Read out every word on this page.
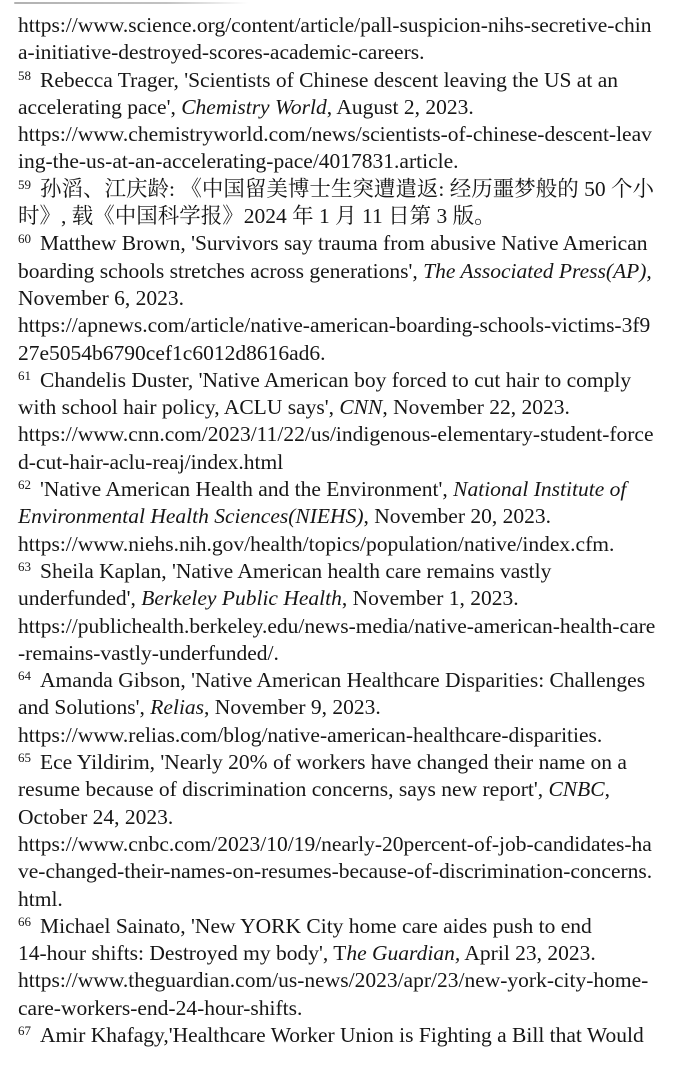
https://www.science.org/content/article/pall-suspicion-nihs-secretive-chin
a-initiative-destroyed-scores-academic-careers.
$^{58}$ Rebecca Trager, 'Scientists of Chinese descent leaving the US at an
accelerating pace', Chemistry World, August 2, 2023.
https://www.chemistryworld.com/news/scientists-of-chinese-descent-leav
ing-the-us-at-an-accelerating-pace/4017831.article.
$^{59}$ 孙滔、江庆龄: 《中国留美博士生突遭遣返: 经历噩梦般的 50 个小
时》, 载《中国科学报》2024 年 1 月 11 日第 3 版。
$^{60}$ Matthew Brown, 'Survivors say trauma from abusive Native American
boarding schools stretches across generations', The Associated Press(AP),
November 6, 2023.
https://apnews.com/article/native-american-boarding-schools-victims-3f9
27e5054b6790cef1c6012d8616ad6.
$^{61}$ Chandelis Duster, 'Native American boy forced to cut hair to comply
with school hair policy, ACLU says', CNN, November 22, 2023.
https://www.cnn.com/2023/11/22/us/indigenous-elementary-student-force
d-cut-hair-aclu-reaj/index.html
$^{62}$ 'Native American Health and the Environment', National Institute of
Environmental Health Sciences(NIEHS), November 20, 2023.
https://www.niehs.nih.gov/health/topics/population/native/index.cfm.
$^{63}$ Sheila Kaplan, 'Native American health care remains vastly
underfunded', Berkeley Public Health, November 1, 2023.
https://publichealth.berkeley.edu/news-media/native-american-health-care
-remains-vastly-underfunded/.
$^{64}$ Amanda Gibson, 'Native American Healthcare Disparities: Challenges
and Solutions', Relias, November 9, 2023.
https://www.relias.com/blog/native-american-healthcare-disparities.
$^{65}$ Ece Yildirim, 'Nearly 20% of workers have changed their name on a
resume because of discrimination concerns, says new report', CNBC,
October 24, 2023.
https://www.cnbc.com/2023/10/19/nearly-20percent-of-job-candidates-ha
ve-changed-their-names-on-resumes-because-of-discrimination-concerns.
html.
$^{66}$ Michael Sainato, 'New YORK City home care aides push to end
14-hour shifts: Destroyed my body', The Guardian, April 23, 2023.
https://www.theguardian.com/us-news/2023/apr/23/new-york-city-home-
care-workers-end-24-hour-shifts.
$^{67}$ Amir Khafagy,'Healthcare Worker Union is Fighting a Bill that Would
